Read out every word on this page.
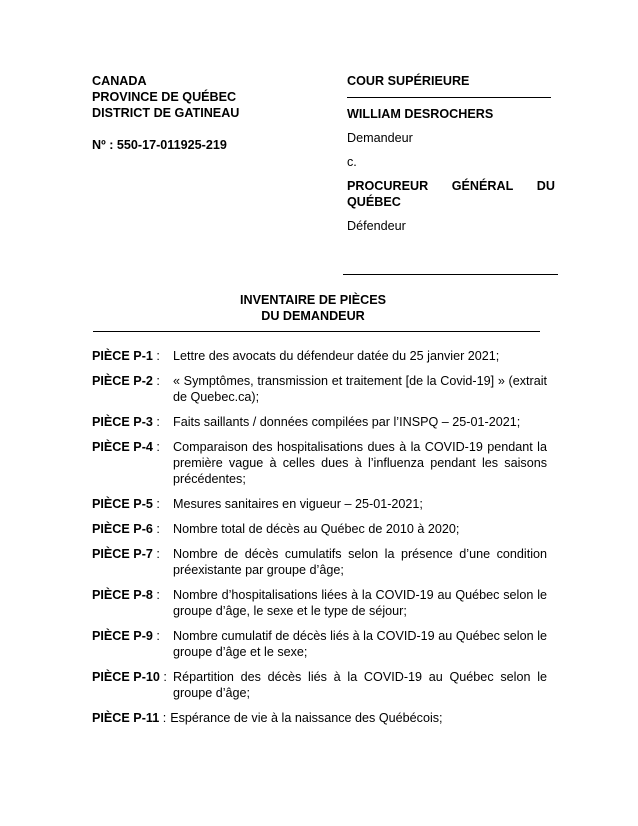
CANADA
PROVINCE DE QUÉBEC
DISTRICT DE GATINEAU
Nº : 550-17-011925-219
COUR SUPÉRIEURE
WILLIAM DESROCHERS
Demandeur
c.
PROCUREUR GÉNÉRAL DU
QUÉBEC
Défendeur
INVENTAIRE DE PIÈCES
DU DEMANDEUR
PIÈCE P-1 :	Lettre des avocats du défendeur datée du 25 janvier 2021;
PIÈCE P-2 :	« Symptômes, transmission et traitement [de la Covid-19] » (extrait de Quebec.ca);
PIÈCE P-3 :	Faits saillants / données compilées par l’INSPQ – 25-01-2021;
PIÈCE P-4 :	Comparaison des hospitalisations dues à la COVID-19 pendant la première vague à celles dues à l’influenza pendant les saisons précédentes;
PIÈCE P-5 :	Mesures sanitaires en vigueur – 25-01-2021;
PIÈCE P-6 :	Nombre total de décès au Québec de 2010 à 2020;
PIÈCE P-7 :	Nombre de décès cumulatifs selon la présence d’une condition préexistante par groupe d’âge;
PIÈCE P-8 :	Nombre d’hospitalisations liées à la COVID-19 au Québec selon le groupe d’âge, le sexe et le type de séjour;
PIÈCE P-9 :	Nombre cumulatif de décès liés à la COVID-19 au Québec selon le groupe d’âge et le sexe;
PIÈCE P-10 : Répartition des décès liés à la COVID-19 au Québec selon le groupe d’âge;
PIÈCE P-11 : Espérance de vie à la naissance des Québécois;
